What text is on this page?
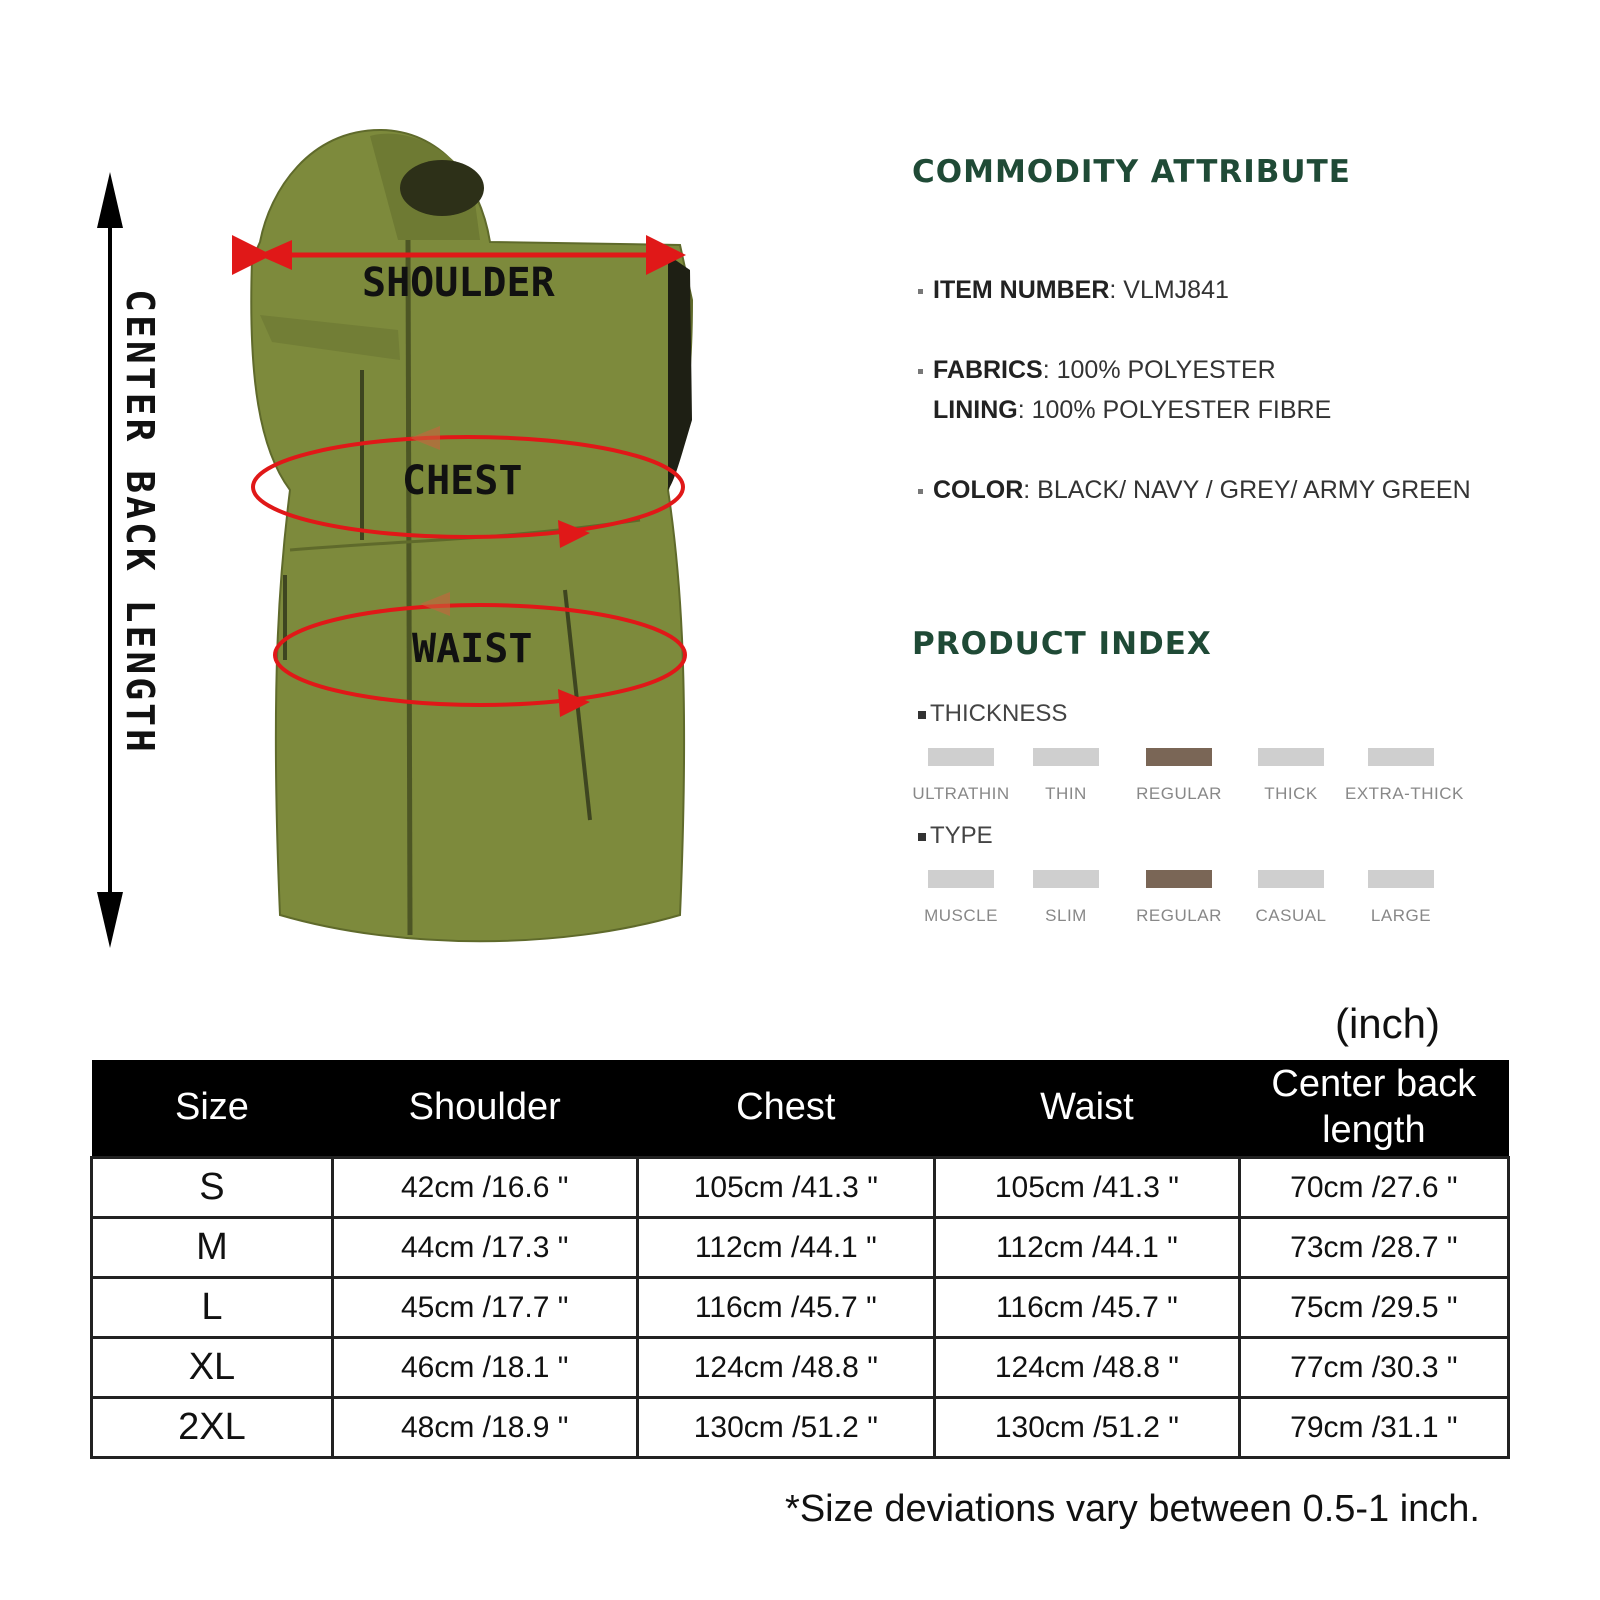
CENTER BACK LENGTH
SHOULDER
CHEST
WAIST
COMMODITY ATTRIBUTE
ITEM NUMBER: VLMJ841
FABRICS: 100% POLYESTER
LINING: 100% POLYESTER FIBRE
COLOR: BLACK/ NAVY / GREY/ ARMY GREEN
PRODUCT INDEX
THICKNESS
ULTRATHIN	THIN	REGULAR	THICK	EXTRA-THICK
TYPE
MUSCLE	SLIM	REGULAR	CASUAL	LARGE
(inch)
Size	Shoulder	Chest	Waist	Center back length
S	42cm /16.6 "	105cm /41.3 "	105cm /41.3 "	70cm /27.6 "
M	44cm /17.3 "	112cm /44.1 "	112cm /44.1 "	73cm /28.7 "
L	45cm /17.7 "	116cm /45.7 "	116cm /45.7 "	75cm /29.5 "
XL	46cm /18.1 "	124cm /48.8 "	124cm /48.8 "	77cm /30.3 "
2XL	48cm /18.9 "	130cm /51.2 "	130cm /51.2 "	79cm /31.1 "
*Size deviations vary between 0.5-1 inch.
